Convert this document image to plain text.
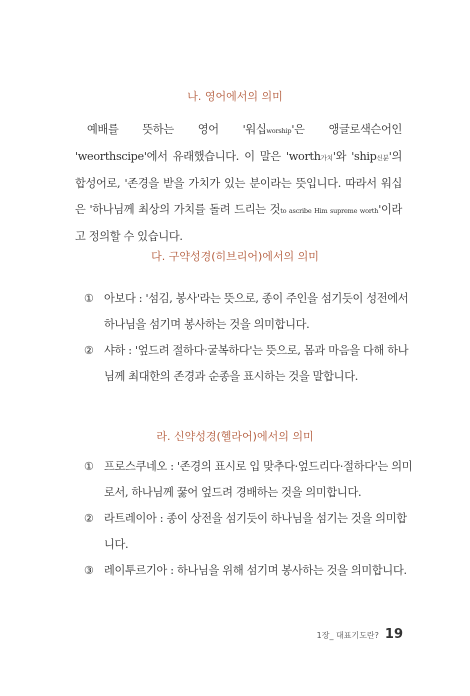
나. 영어에서의 의미

예배를 뜻하는 영어 '워십worship'은 앵글로색슨어인 'weorthscipe'에서 유래했습니다. 이 말은 'worth가치'와 'ship신분'의 합성어로, '존경을 받을 가치가 있는 분이라는 뜻입니다. 따라서 워십은 '하나님께 최상의 가치를 돌려 드리는 것to ascribe Him supreme worth'이라고 정의할 수 있습니다.

다. 구약성경(히브리어)에서의 의미
① 아보다 : '섬김, 봉사'라는 뜻으로, 종이 주인을 섬기듯이 성전에서 하나님을 섬기며 봉사하는 것을 의미합니다.
② 샤하 : '엎드려 절하다·굴복하다'는 뜻으로, 몸과 마음을 다해 하나님께 최대한의 존경과 순종을 표시하는 것을 말합니다.
라. 신약성경(헬라어)에서의 의미
① 프로스쿠네오 : '존경의 표시로 입 맞추다·엎드리다·절하다'는 의미로서, 하나님께 꿇어 엎드려 경배하는 것을 의미합니다.
② 라트레이아 : 종이 상전을 섬기듯이 하나님을 섬기는 것을 의미합니다.
③ 레이투르기아 : 하나님을 위해 섬기며 봉사하는 것을 의미합니다.
1장_ 대표기도란? 19
